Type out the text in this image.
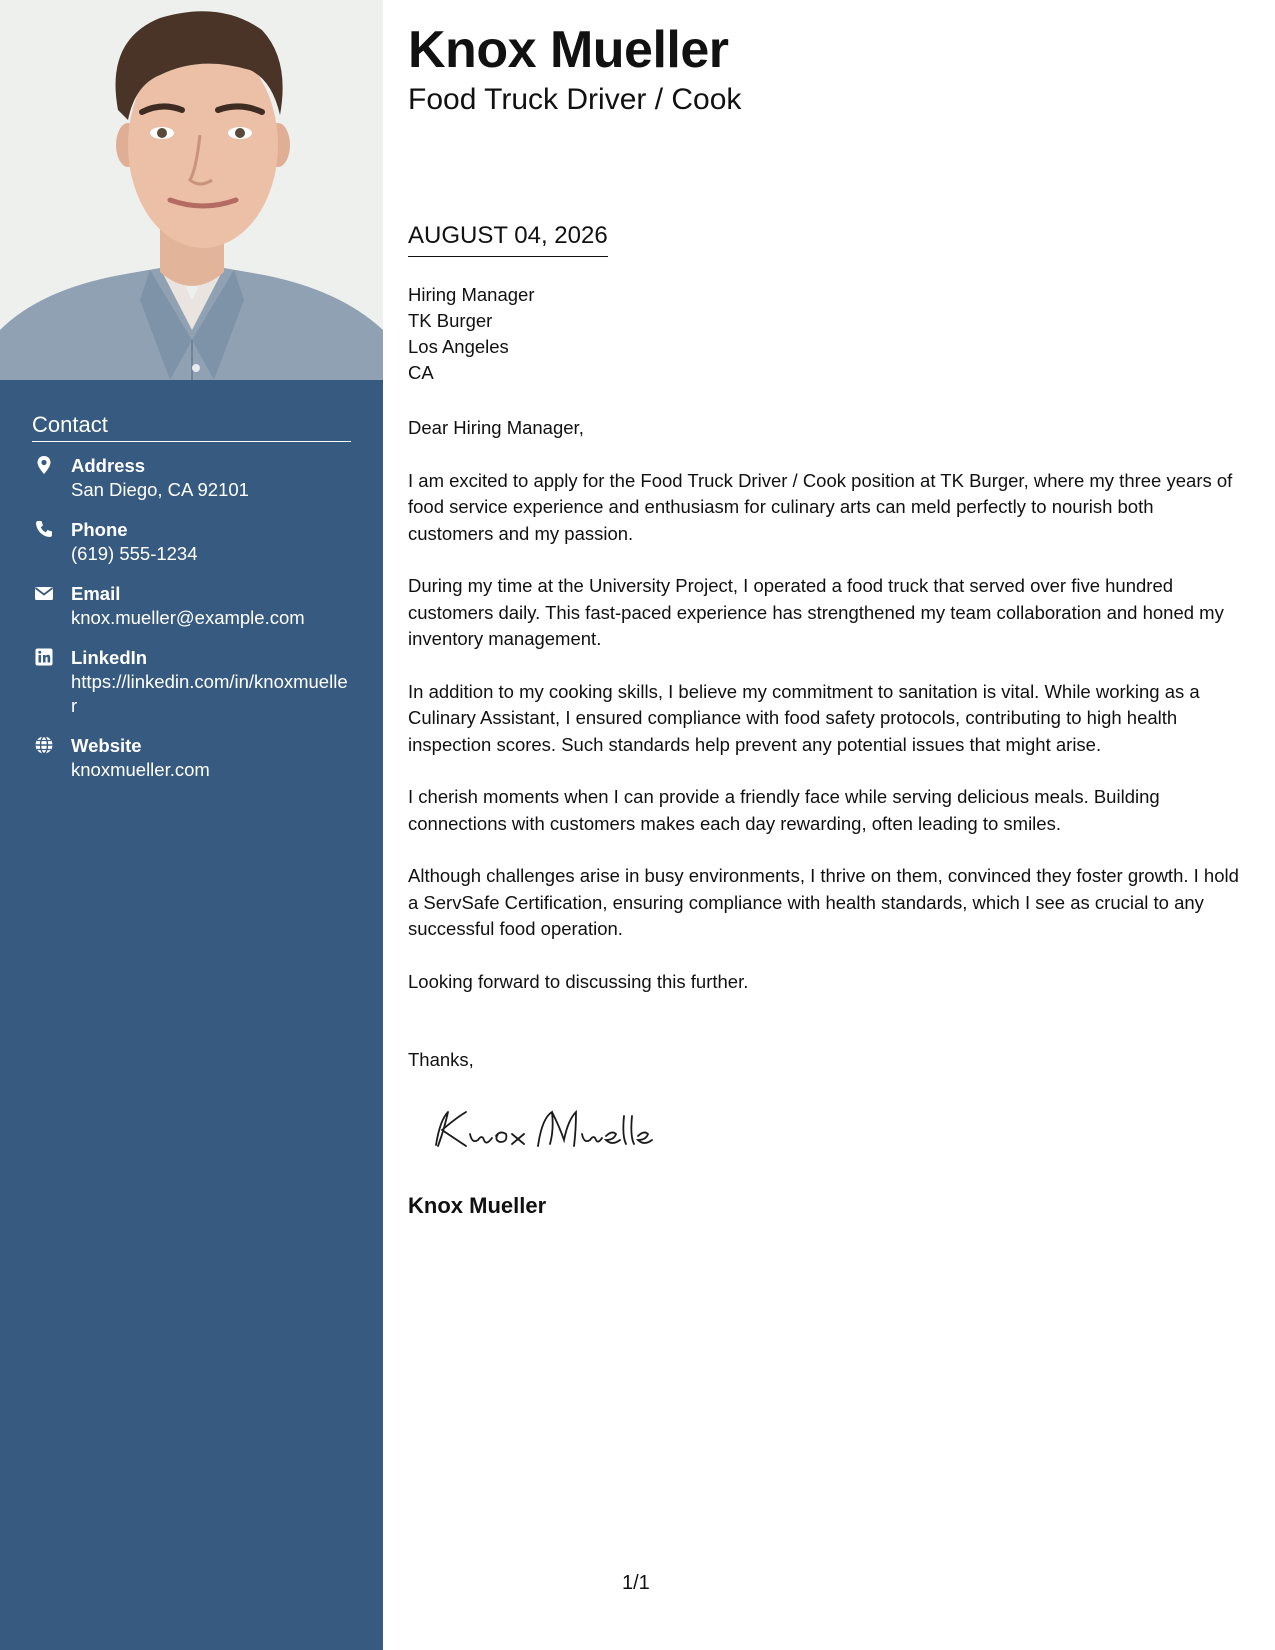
Contact
Address
San Diego, CA 92101
Phone
(619) 555-1234
Email
knox.mueller@example.com
LinkedIn
https://linkedin.com/in/knoxmueller
Website
knoxmueller.com
Knox Mueller
Food Truck Driver / Cook
AUGUST 04, 2026
Hiring Manager
TK Burger
Los Angeles
CA

Dear Hiring Manager,

I am excited to apply for the Food Truck Driver / Cook position at TK Burger, where my three years of food service experience and enthusiasm for culinary arts can meld perfectly to nourish both customers and my passion.

During my time at the University Project, I operated a food truck that served over five hundred customers daily. This fast-paced experience has strengthened my team collaboration and honed my inventory management.

In addition to my cooking skills, I believe my commitment to sanitation is vital. While working as a Culinary Assistant, I ensured compliance with food safety protocols, contributing to high health inspection scores. Such standards help prevent any potential issues that might arise.

I cherish moments when I can provide a friendly face while serving delicious meals. Building connections with customers makes each day rewarding, often leading to smiles.

Although challenges arise in busy environments, I thrive on them, convinced they foster growth. I hold a ServSafe Certification, ensuring compliance with health standards, which I see as crucial to any successful food operation.

Looking forward to discussing this further.

Thanks,
Knox Mueller
1/1
